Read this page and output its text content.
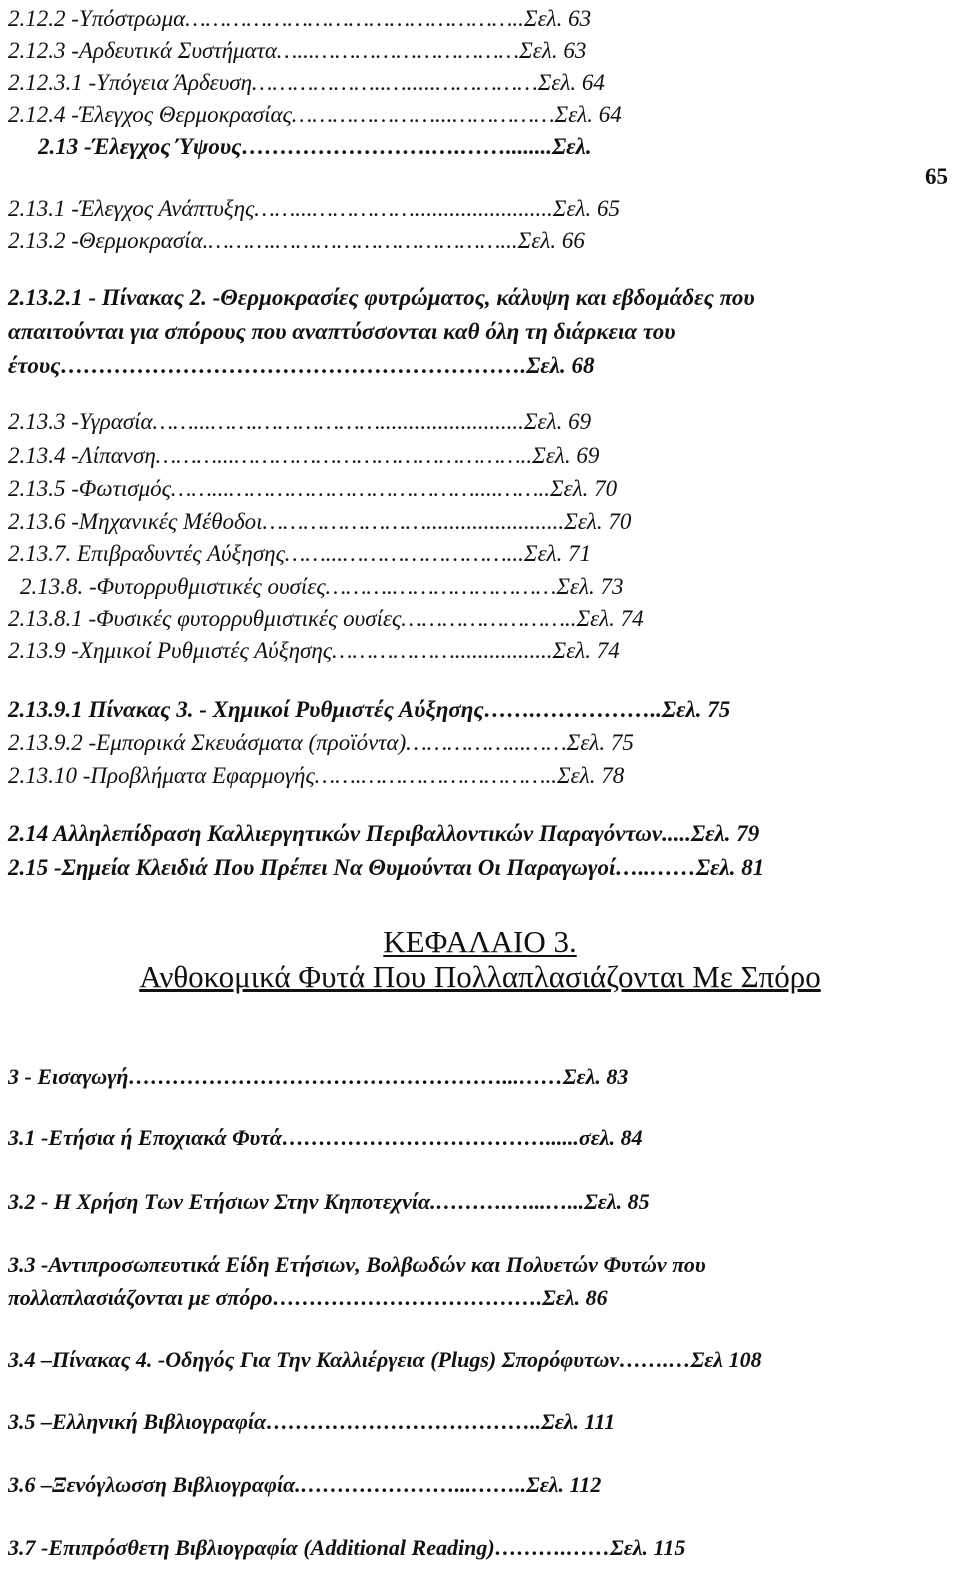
2.12.2 -Υπόστρωμα…………………………………………..Σελ. 63

2.12.3 -Αρδευτικά Συστήματα…...…………………………Σελ. 63

2.12.3.1 -Υπόγεια Άρδευση………………..….....……………Σελ. 64

2.12.4 -Έλεγχος Θερμοκρασίας…………………...……………Σελ. 64

2.13 -Έλεγχος Ύψους…………………….….……........Σελ.

65

2.13.1 -Έλεγχος Ανάπτυξης……...……………........................Σελ. 65

2.13.2 -Θερμοκρασία.……….……………………………...Σελ. 66

2.13.2.1 - Πίνακας 2. -Θερμοκρασίες φυτρώματος, κάλυψη και εβδομάδες που

απαιτούνται για σπόρους που αναπτύσσονται καθ όλη τη διάρκεια του

έτους…………………………………………………….Σελ. 68

2.13.3 -Υγρασία……...…….……………….........................Σελ. 69

2.13.4 -Λίπανση………...……………………………………..Σελ. 69

2.13.5 -Φωτισμός……...………………………………....……..Σελ. 70

2.13.6 -Μηχανικές Μέθοδοι……………………........................Σελ. 70

2.13.7. Επιβραδυντές Αύξησης……...……………………...Σελ. 71

2.13.8. -Φυτορρυθμιστικές ουσίες……….……………………Σελ. 73

2.13.8.1 -Φυσικές φυτορρυθμιστικές ουσίες……………………..Σελ. 74

2.13.9 -Χημικοί Ρυθμιστές Αύξησης……………….................Σελ. 74

2.13.9.1 Πίνακας 3. - Χημικοί Ρυθμιστές Αύξησης…….……………..Σελ. 75

2.13.9.2 -Εμπορικά Σκευάσματα (προϊόντα)……………...……Σελ. 75

2.13.10 -Προβλήματα Εφαρμογής…….………………………..Σελ. 78

2.14 Αλληλεπίδραση Καλλιεργητικών Περιβαλλοντικών Παραγόντων.....Σελ. 79

2.15 -Σημεία Κλειδιά Που Πρέπει Να Θυμούνται Οι Παραγωγοί…..……Σελ. 81

ΚΕΦΑΛΑΙΟ 3.

Ανθοκομικά Φυτά Που Πολλαπλασιάζονται Με Σπόρο

3 - Εισαγωγή……………………………………………...……Σελ. 83

3.1 -Ετήσια ή Εποχιακά Φυτά………………………………......σελ. 84

3.2 - Η Χρήση Των Ετήσιων Στην Κηποτεχνία.……….…...…...Σελ. 85

3.3 -Αντιπροσωπευτικά Είδη Ετήσιων, Βολβωδών και Πολυετών Φυτών που

πολλαπλασιάζονται με σπόρο……………………………….Σελ. 86

3.4 –Πίνακας 4. -Οδηγός Για Την Καλλιέργεια (Plugs) Σπορόφυτων…….…Σελ 108

3.5 –Ελληνική Βιβλιογραφία………………………………..Σελ. 111

3.6 –Ξενόγλωσση Βιβλιογραφία.…………………...……..Σελ. 112

3.7 -Επιπρόσθετη Βιβλιογραφία (Additional Reading)……….……Σελ. 115
